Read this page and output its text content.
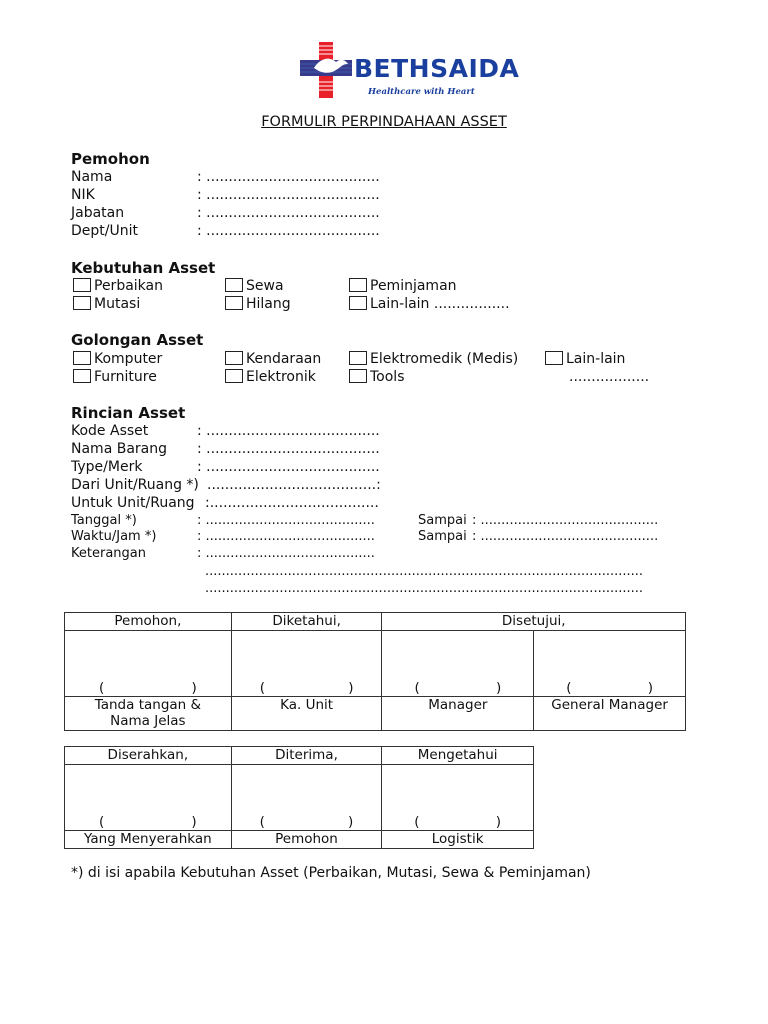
BETHSAIDA
Healthcare with Heart
FORMULIR PERPINDAHAAN ASSET
Pemohon
Nama	: .......................................
NIK	: .......................................
Jabatan	: .......................................
Dept/Unit	: .......................................
Kebutuhan Asset
Perbaikan	Sewa	Peminjaman
Mutasi	Hilang	Lain-lain .................
Golongan Asset
Komputer	Kendaraan	Elektromedik (Medis)	Lain-lain
Furniture	Elektronik	Tools	..................
Rincian Asset
Kode Asset	: .......................................
Nama Barang : .......................................
Type/Merk	: .......................................
Dari Unit/Ruang *) ......................................:
Untuk Unit/Ruang :......................................
Tanggal *)	: .........................................	Sampai : ...........................................
Waktu/Jam *)	: .........................................	Sampai : ...........................................
Keterangan	: .........................................
..........................................................................................................
..........................................................................................................
Pemohon,	Diketahui,	Disetujui,	

( )	( )	( )	( )

Tanda tangan & Nama Jelas	Ka. Unit	Manager	General Manager
Diserahkan,	Diterima,	Mengetahui

( )	( )	( )

Yang Menyerahkan	Pemohon	Logistik
*) di isi apabila Kebutuhan Asset (Perbaikan, Mutasi, Sewa & Peminjaman)
